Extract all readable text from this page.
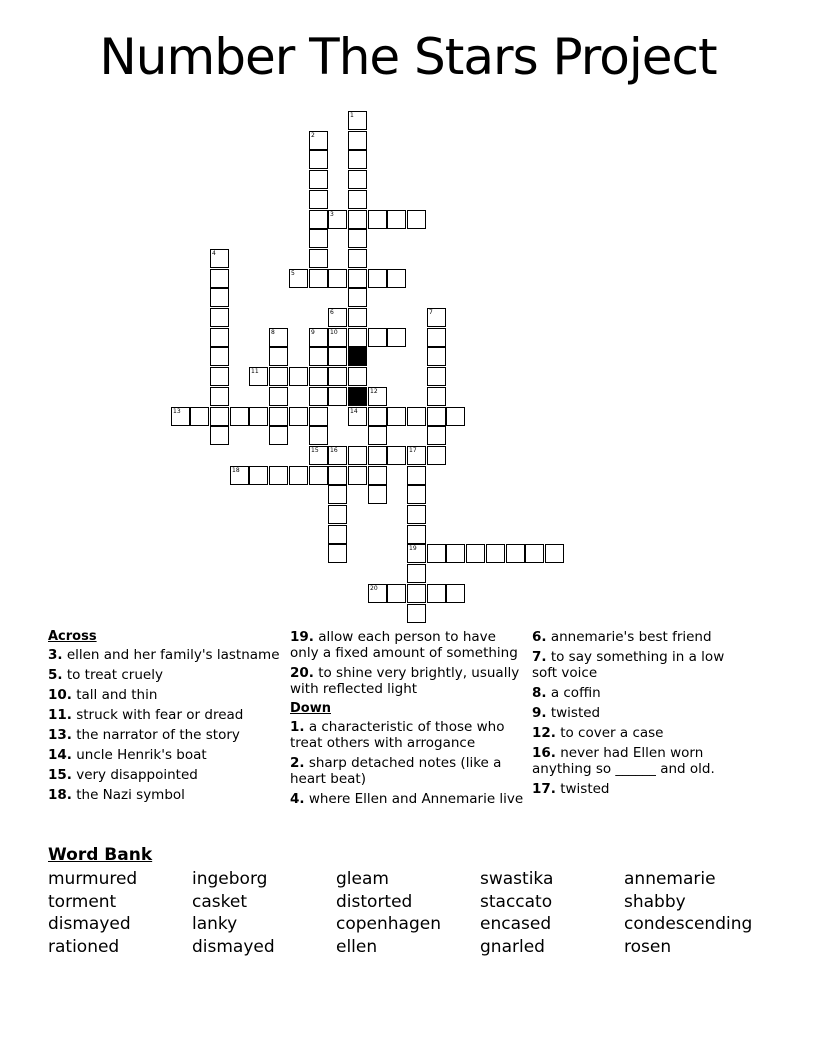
Number The Stars Project
1
2
3
4
5
6	7
8	9	10
11
12
13	14
16
15	17
18
19
20
Across
3. ellen and her family's lastname
5. to treat cruely
10. tall and thin
11. struck with fear or dread
13. the narrator of the story
14. uncle Henrik's boat
15. very disappointed
18. the Nazi symbol
19. allow each person to have only a fixed amount of something
20. to shine very brightly, usually with reflected light
Down
1. a characteristic of those who treat others with arrogance
2. sharp detached notes (like a heart beat)
4. where Ellen and Annemarie live
6. annemarie's best friend
7. to say something in a low soft voice
8. a coffin
9. twisted
12. to cover a case
16. never had Ellen worn anything so ______ and old.
17. twisted
Word Bank
murmured
torment
dismayed
rationed
ingeborg
casket
lanky
dismayed
gleam
distorted
copenhagen
ellen
swastika
staccato
encased
gnarled
annemarie
shabby
condescending
rosen
